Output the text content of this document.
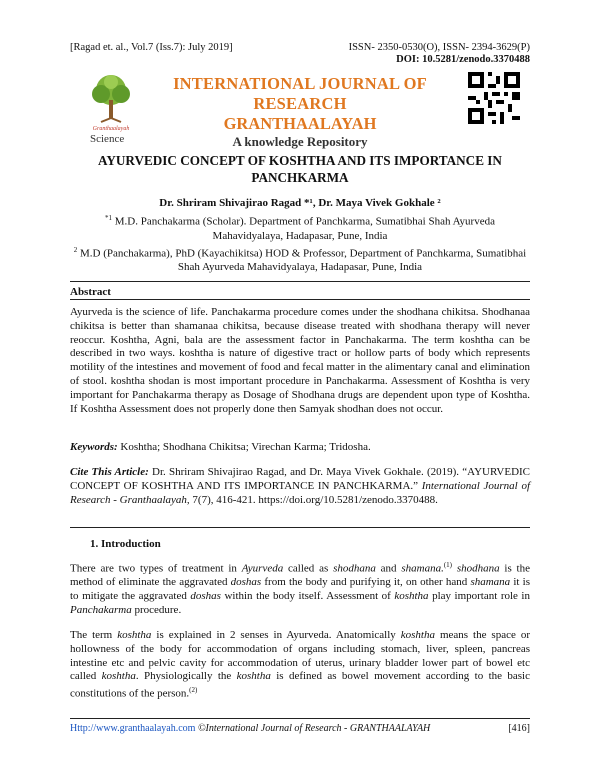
[Ragad et. al., Vol.7 (Iss.7): July 2019]	ISSN- 2350-0530(O), ISSN- 2394-3629(P)
DOI: 10.5281/zenodo.3370488
Granthaalayah
INTERNATIONAL JOURNAL OF RESEARCH
GRANTHAALAYAH
A knowledge Repository
Science
AYURVEDIC CONCEPT OF KOSHTHA AND ITS IMPORTANCE IN PANCHKARMA
Dr. Shriram Shivajirao Ragad *¹, Dr. Maya Vivek Gokhale ²
$^{*1}$ M.D. Panchakarma (Scholar). Department of Panchkarma, Sumatibhai Shah Ayurveda Mahavidyalaya, Hadapasar, Pune, India
$^2$ M.D (Panchakarma), PhD (Kayachikitsa) HOD & Professor, Department of Panchkarma, Sumatibhai Shah Ayurveda Mahavidyalaya, Hadapasar, Pune, India
Abstract
Ayurveda is the science of life. Panchakarma procedure comes under the shodhana chikitsa. Shodhanaa chikitsa is better than shamanaa chikitsa, because disease treated with shodhana therapy will never reoccur. Koshtha, Agni, bala are the assessment factor in Panchakarma. The term koshtha can be described in two ways. koshtha is nature of digestive tract or hollow parts of body which represents motility of the intestines and movement of food and fecal matter in the alimentary canal and elimination of stool. koshtha shodan is most important procedure in Panchakarma. Assessment of Koshtha is very important for Panchakarma therapy as Dosage of Shodhana drugs are dependent upon type of Koshtha. If Koshtha Assessment does not properly done then Samyak shodhan does not occur.
Keywords: Koshtha; Shodhana Chikitsa; Virechan Karma; Tridosha.
Cite This Article: Dr. Shriram Shivajirao Ragad, and Dr. Maya Vivek Gokhale. (2019). “AYURVEDIC CONCEPT OF KOSHTHA AND ITS IMPORTANCE IN PANCHKARMA.” International Journal of Research - Granthaalayah, 7(7), 416-421. https://doi.org/10.5281/zenodo.3370488.
1. Introduction
There are two types of treatment in Ayurveda called as shodhana and shamana.$^{(1)}$ shodhana is the method of eliminate the aggravated doshas from the body and purifying it, on other hand shamana it is to mitigate the aggravated doshas within the body itself. Assessment of koshtha play important role in Panchakarma procedure.
The term koshtha is explained in 2 senses in Ayurveda. Anatomically koshtha means the space or hollowness of the body for accommodation of organs including stomach, liver, spleen, pancreas intestine etc and pelvic cavity for accommodation of uterus, urinary bladder lower part of bowel etc called koshtha. Physiologically the koshtha is defined as bowel movement according to the basic constitutions of the person.$^{(2)}$
Http://www.granthaalayah.com ©International Journal of Research - GRANTHAALAYAH	[416]
